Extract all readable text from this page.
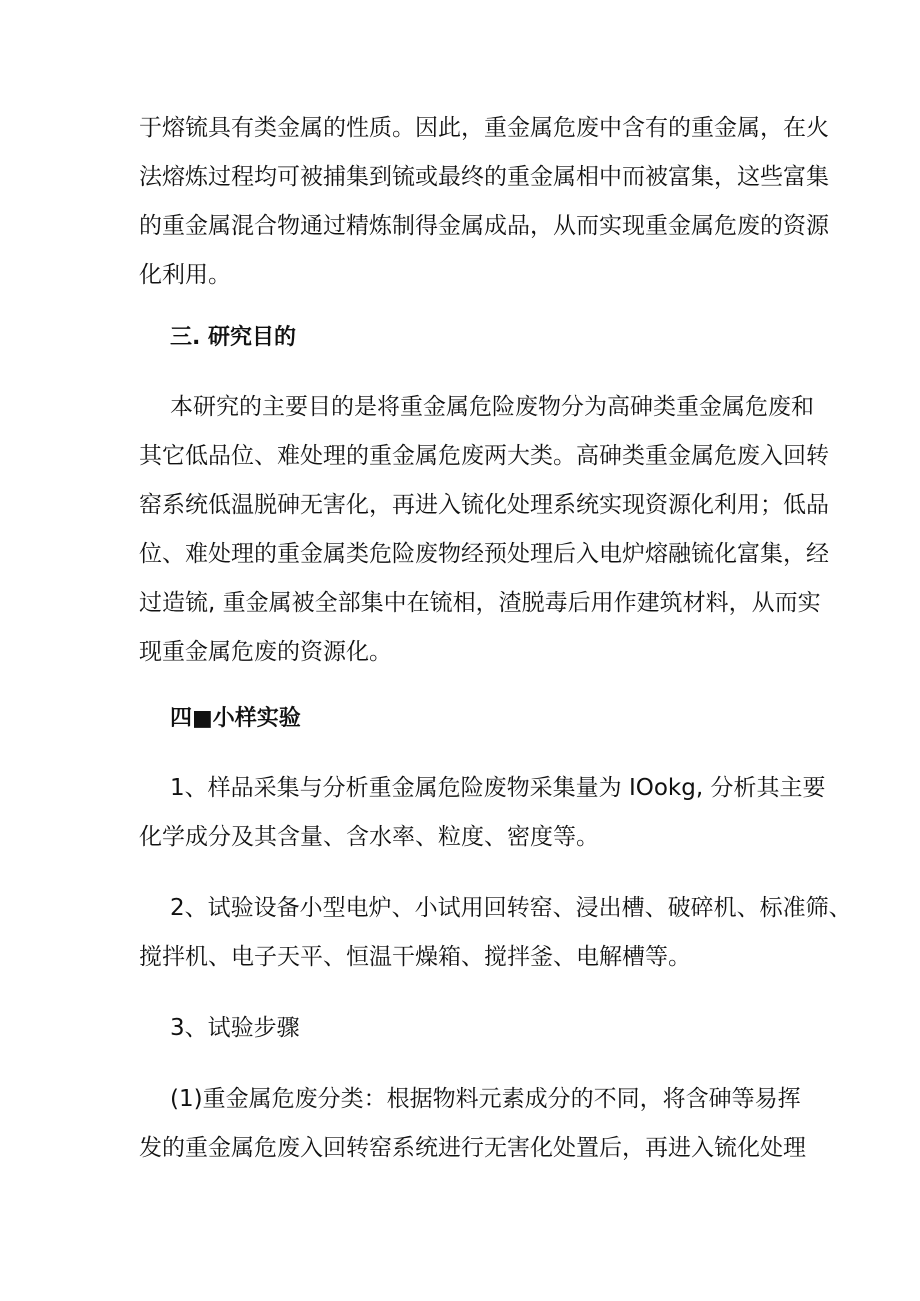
于熔锍具有类金属的性质。因此，重金属危废中含有的重金属，在火
法熔炼过程均可被捕集到锍或最终的重金属相中而被富集，这些富集
的重金属混合物通过精炼制得金属成品，从而实现重金属危废的资源
化利用。
三. 研究目的
本研究的主要目的是将重金属危险废物分为高砷类重金属危废和
其它低品位、难处理的重金属危废两大类。高砷类重金属危废入回转
窑系统低温脱砷无害化，再进入锍化处理系统实现资源化利用；低品
位、难处理的重金属类危险废物经预处理后入电炉熔融锍化富集，经
过造锍, 重金属被全部集中在锍相，渣脱毒后用作建筑材料，从而实
现重金属危废的资源化。
四■小样实验
1、样品采集与分析重金属危险废物采集量为 IOokg, 分析其主要
化学成分及其含量、含水率、粒度、密度等。
2、试验设备小型电炉、小试用回转窑、浸出槽、破碎机、标准筛、
搅拌机、电子天平、恒温干燥箱、搅拌釜、电解槽等。
3、试验步骤
(1)重金属危废分类：根据物料元素成分的不同，将含砷等易挥
发的重金属危废入回转窑系统进行无害化处置后，再进入锍化处理
